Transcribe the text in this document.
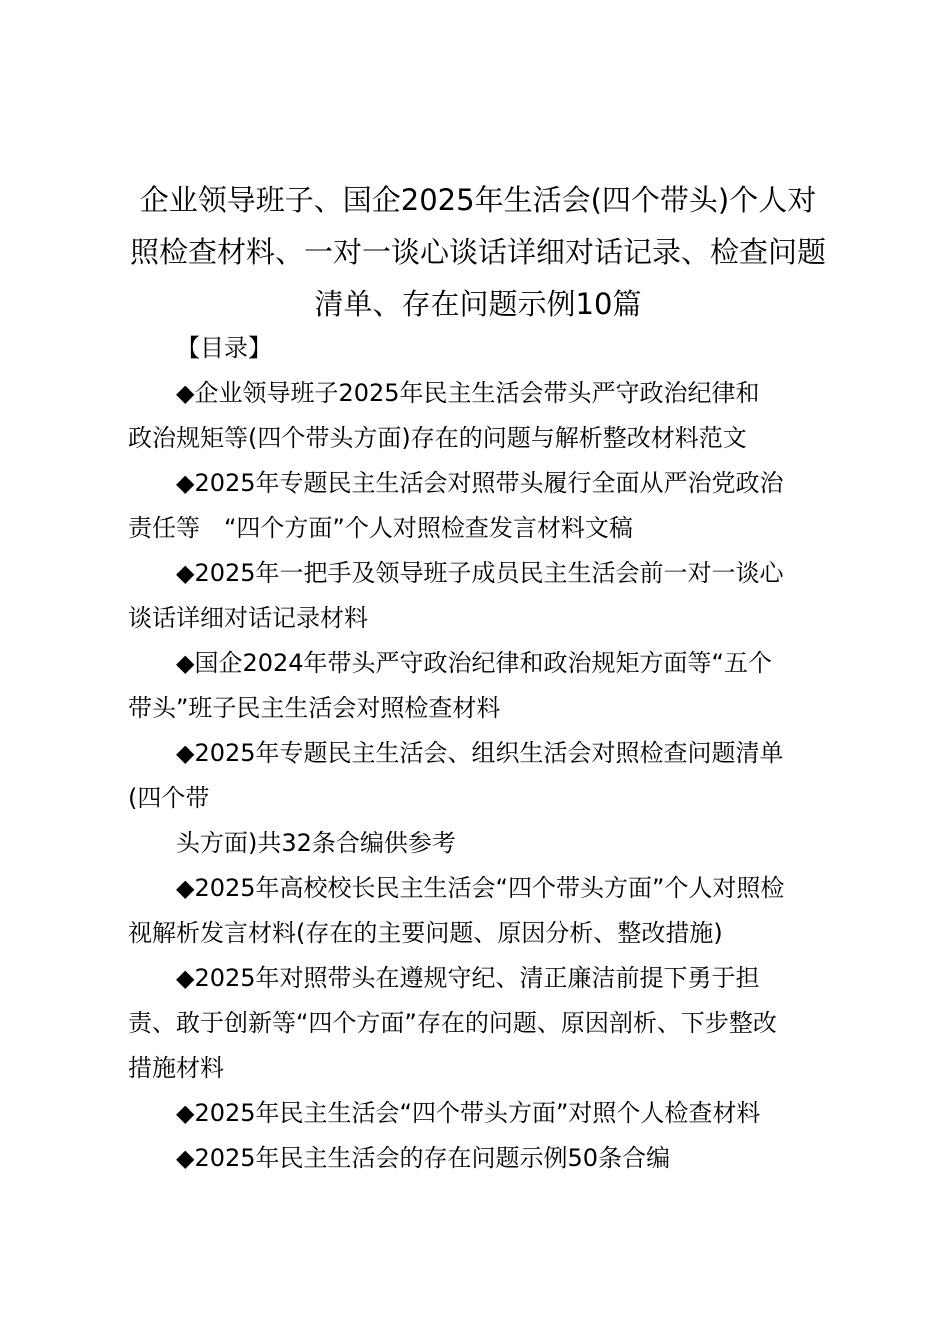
企业领导班子、国企2025年生活会(四个带头)个人对照检查材料、一对一谈心谈话详细对话记录、检查问题清单、存在问题示例10篇
【目录】
◆企业领导班子2025年民主生活会带头严守政治纪律和
政治规矩等(四个带头方面)存在的问题与解析整改材料范文
◆2025年专题民主生活会对照带头履行全面从严治党政治
责任等　“四个方面”个人对照检查发言材料文稿
◆2025年一把手及领导班子成员民主生活会前一对一谈心
谈话详细对话记录材料
◆国企2024年带头严守政治纪律和政治规矩方面等“五个
带头”班子民主生活会对照检查材料
◆2025年专题民主生活会、组织生活会对照检查问题清单
(四个带
头方面)共32条合编供参考
◆2025年高校校长民主生活会“四个带头方面”个人对照检
视解析发言材料(存在的主要问题、原因分析、整改措施)
◆2025年对照带头在遵规守纪、清正廉洁前提下勇于担
责、敢于创新等“四个方面”存在的问题、原因剖析、下步整改
措施材料
◆2025年民主生活会“四个带头方面”对照个人检查材料
◆2025年民主生活会的存在问题示例50条合编
